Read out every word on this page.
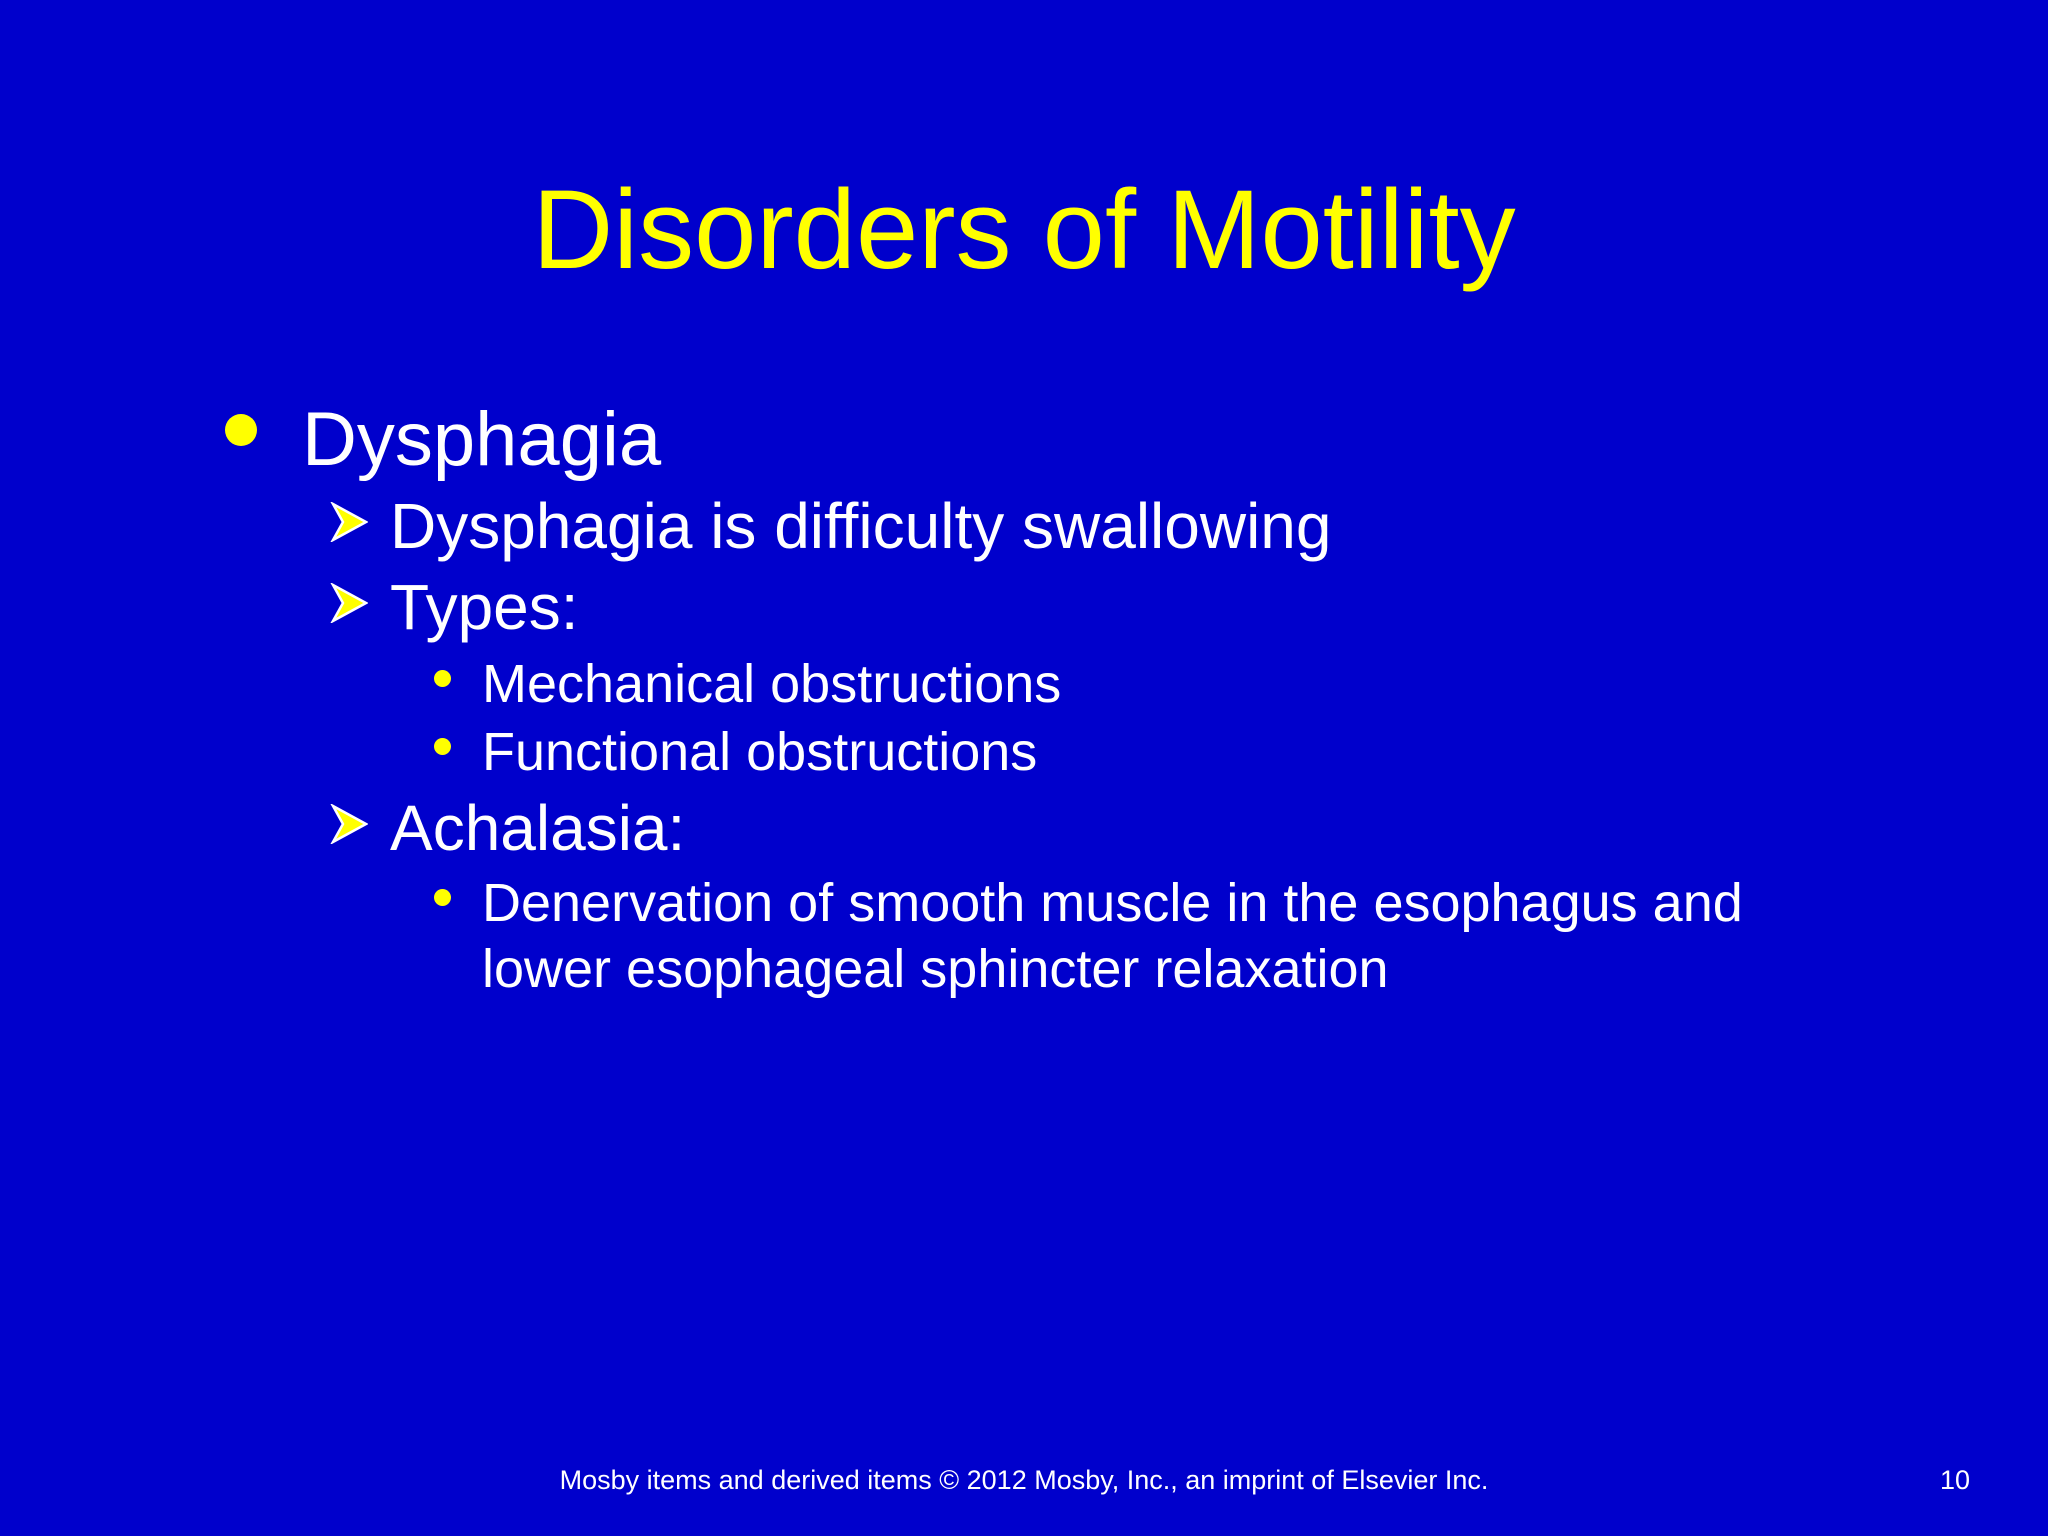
Disorders of Motility
Dysphagia
Dysphagia is difficulty swallowing
Types:
Mechanical obstructions
Functional obstructions
Achalasia:
Denervation of smooth muscle in the esophagus and
lower esophageal sphincter relaxation
Mosby items and derived items © 2012 Mosby, Inc., an imprint of Elsevier Inc.	10
